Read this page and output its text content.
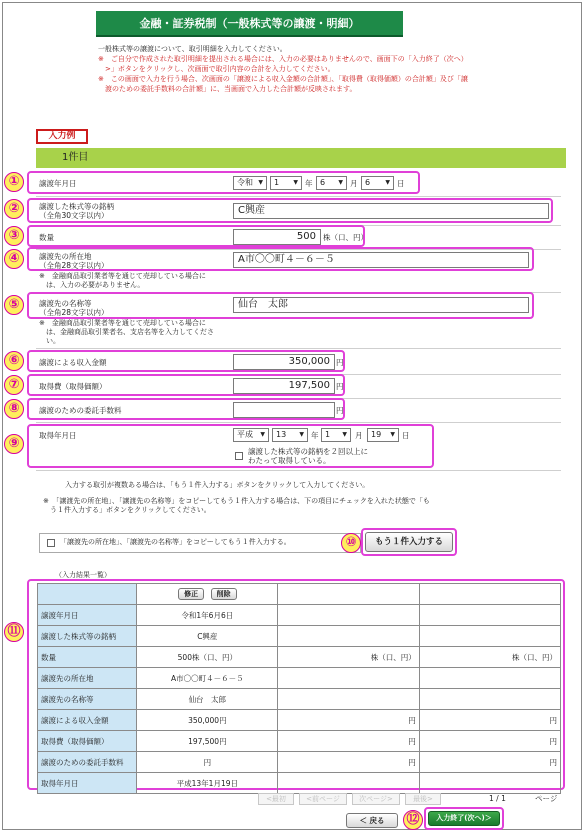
金融・証券税制（一般株式等の譲渡・明細）
一般株式等の譲渡について、取引明細を入力してください。
※　ご自分で作成された取引明細を提出される場合には、入力の必要はありませんので、画面下の「入力終了（次へ）
　>」ボタンをクリックし、次画面で取引内容の合計を入力してください。
※　この画面で入力を行う場合、次画面の「譲渡による収入金額の合計額」、「取得費（取得価額）の合計額」及び「譲
　渡のための委託手数料の合計額」に、当画面で入力した合計額が反映されます。
入力例
1件目
①	譲渡年月日	令和 ▼	1 ▼ 年 6 ▼ 月 6	▼ 日
②	譲渡した株式等の銘柄
（全角30文字以内）	C興産
③	数量	500 株（口、円）
④	譲渡先の所在地
（全角28文字以内）
A市〇〇町４－６－５
※　金融商品取引業者等を通じて売却している場合に
　は、入力の必要がありません。
⑤	譲渡先の名称等
（全角28文字以内）
仙台　太郎
※　金融商品取引業者等を通じて売却している場合に
　は、金融商品取引業者名、支店名等を入力してくださ
　い。
⑥	譲渡による収入金額	350,000 円
⑦	取得費（取得価額）	197,500 円
⑧	譲渡のための委託手数料	円
⑨
取得年月日	平成 ▼	13 ▼ 年 1 ▼ 月	19 ▼ 日
譲渡した株式等の銘柄を２回以上に
わたって取得している。
入力する取引が複数ある場合は、「もう１件入力する」ボタンをクリックして入力してください。
※　「譲渡先の所在地」、「譲渡先の名称等」をコピーしてもう１件入力する場合は、下の項目にチェックを入れた状態で「も
　う１件入力する」ボタンをクリックしてください。
「譲渡先の所在地」、「譲渡先の名称等」をコピーしてもう１件入力する。	⑩	もう１件入力する
（入力結果一覧）
⑪
	修正 削除		
譲渡年月日	令和1年6月6日		
譲渡した株式等の銘柄	C興産		
数量	500株（口、円）	株（口、円）	株（口、円）
譲渡先の所在地	A市〇〇町４－６－５		
譲渡先の名称等	仙台　太郎		
譲渡による収入金額	350,000円	円	円
取得費（取得価額）	197,500円	円	円
譲渡のための委託手数料	円	円	円
取得年月日	平成13年1月19日		
<最初	<前ページ	次ページ>	最後>	1 / 1	ページ
＜ 戻る	⑫	入力終了(次へ)＞
